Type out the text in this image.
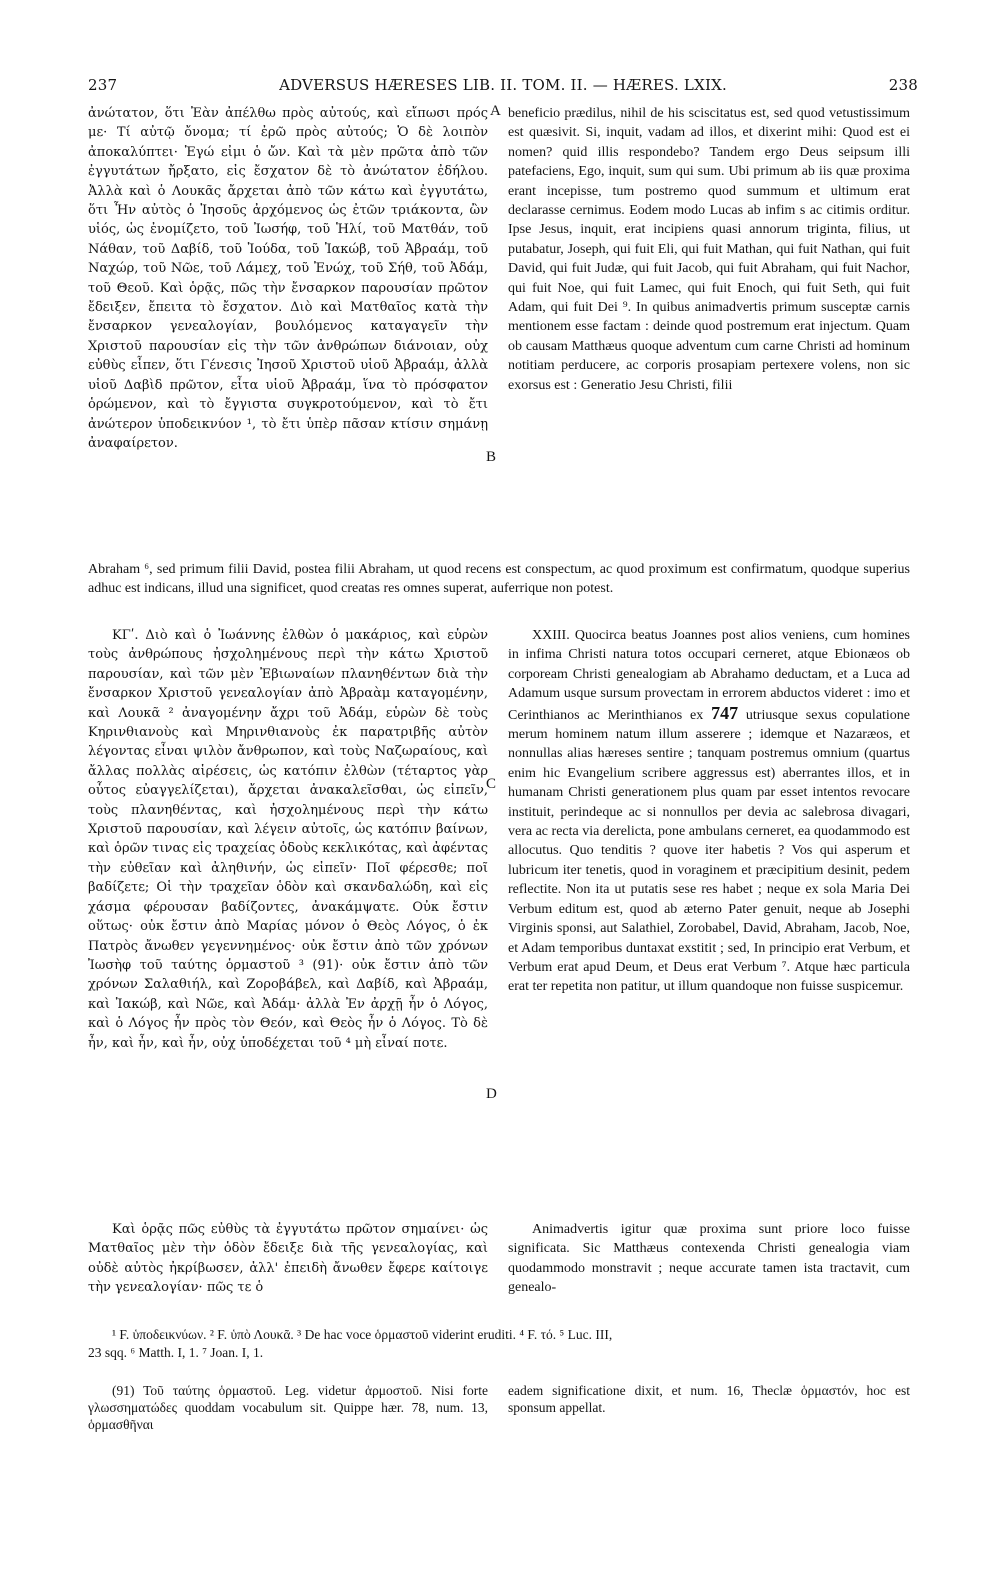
237	ADVERSUS HÆRESES LIB. II. TOM. II. — HÆRES. LXIX.	238

ἀνώτατον, ὅτι Ἐὰν ἀπέλθω πρὸς αὐτούς, καὶ εἴπωσι πρός με· Τί αὐτῷ ὄνομα; τί ἐρῶ πρὸς αὐτούς; Ὁ δὲ λοιπὸν ἀποκαλύπτει· Ἐγώ εἰμι ὁ ὤν. Καὶ τὰ μὲν πρῶτα ἀπὸ τῶν ἐγγυτάτων ἤρξατο, εἰς ἔσχατον δὲ τὸ ἀνώτατον ἐδήλου. Ἀλλὰ καὶ ὁ Λουκᾶς ἄρχεται ἀπὸ τῶν κάτω καὶ ἐγγυτάτω, ὅτι Ἦν αὐτὸς ὁ Ἰησοῦς ἀρχόμενος ὡς ἐτῶν τριάκοντα, ὢν υἱός, ὡς ἐνομίζετο, τοῦ Ἰωσήφ, τοῦ Ἡλί, τοῦ Ματθάν, τοῦ Νάθαν, τοῦ Δαβίδ, τοῦ Ἰούδα, τοῦ Ἰακώβ, τοῦ Ἀβραάμ, τοῦ Ναχώρ, τοῦ Νῶε, τοῦ Λάμεχ, τοῦ Ἐνώχ, τοῦ Σήθ, τοῦ Ἀδάμ, τοῦ Θεοῦ. Καὶ ὁρᾷς, πῶς τὴν ἔνσαρκον παρουσίαν πρῶτον ἔδειξεν, ἔπειτα τὸ ἔσχατον. Διὸ καὶ Ματθαῖος κατὰ τὴν ἔνσαρκον γενεαλογίαν, βουλόμενος καταγαγεῖν τὴν Χριστοῦ παρουσίαν εἰς τὴν τῶν ἀνθρώπων διάνοιαν, οὐχ εὐθὺς εἶπεν, ὅτι Γένεσις Ἰησοῦ Χριστοῦ υἱοῦ Ἀβραάμ, ἀλλὰ υἱοῦ Δαβὶδ πρῶτον, εἶτα υἱοῦ Ἀβραάμ, ἵνα τὸ πρόσφατον ὁρώμενον, καὶ τὸ ἔγγιστα συγκροτούμενον, καὶ τὸ ἔτι ἀνώτερον ὑποδεικνύον ¹, τὸ ἔτι ὑπὲρ πᾶσαν κτίσιν σημάνῃ ἀναφαίρετον.

A
B

beneficio prædilus, nihil de his sciscitatus est, sed quod vetustissimum est quæsivit. Si, inquit, vadam ad illos, et dixerint mihi: Quod est ei nomen? quid illis respondebo? Tandem ergo Deus seipsum illi patefaciens, Ego, inquit, sum qui sum. Ubi primum ab iis quæ proxima erant incepisse, tum postremo quod summum et ultimum erat declarasse cernimus. Eodem modo Lucas ab infim s ac citimis orditur. Ipse Jesus, inquit, erat incipiens quasi annorum triginta, filius, ut putabatur, Joseph, qui fuit Eli, qui fuit Mathan, qui fuit Nathan, qui fuit David, qui fuit Judæ, qui fuit Jacob, qui fuit Abraham, qui fuit Nachor, qui fuit Noe, qui fuit Lamec, qui fuit Enoch, qui fuit Seth, qui fuit Adam, qui fuit Dei ⁹. In quibus animadvertis primum susceptæ carnis mentionem esse factam : deinde quod postremum erat injectum. Quam ob causam Matthæus quoque adventum cum carne Christi ad hominum notitiam perducere, ac corporis prosapiam pertexere volens, non sic exorsus est : Generatio Jesu Christi, filii

Abraham ⁶, sed primum filii David, postea filii Abraham, ut quod recens est conspectum, ac quod proximum est confirmatum, quodque superius adhuc est indicans, illud una significet, quod creatas res omnes superat, auferrique non potest.

ΚΓʹ. Διὸ καὶ ὁ Ἰωάννης ἐλθὼν ὁ μακάριος, καὶ εὑρὼν τοὺς ἀνθρώπους ἠσχολημένους περὶ τὴν κάτω Χριστοῦ παρουσίαν, καὶ τῶν μὲν Ἐβιωναίων πλανηθέντων διὰ τὴν ἔνσαρκον Χριστοῦ γενεαλογίαν ἀπὸ Ἀβραὰμ καταγομένην, καὶ Λουκᾶ ² ἀναγομένην ἄχρι τοῦ Ἀδάμ, εὑρὼν δὲ τοὺς Κηρινθιανοὺς καὶ Μηρινθιανοὺς ἐκ παρατριβῆς αὐτὸν λέγοντας εἶναι ψιλὸν ἄνθρωπον, καὶ τοὺς Ναζωραίους, καὶ ἄλλας πολλὰς αἱρέσεις, ὡς κατόπιν ἐλθὼν (τέταρτος γὰρ οὗτος εὐαγγελίζεται), ἄρχεται ἀνακαλεῖσθαι, ὡς εἰπεῖν, τοὺς πλανηθέντας, καὶ ἠσχολημένους περὶ τὴν κάτω Χριστοῦ παρουσίαν, καὶ λέγειν αὐτοῖς, ὡς κατόπιν βαίνων, καὶ ὁρῶν τινας εἰς τραχείας ὁδοὺς κεκλικότας, καὶ ἀφέντας τὴν εὐθεῖαν καὶ ἀληθινήν, ὡς εἰπεῖν· Ποῖ φέρεσθε; ποῖ βαδίζετε; Οἱ τὴν τραχεῖαν ὁδὸν καὶ σκανδαλώδη, καὶ εἰς χάσμα φέρουσαν βαδίζοντες, ἀνακάμψατε. Οὐκ ἔστιν οὕτως· οὐκ ἔστιν ἀπὸ Μαρίας μόνον ὁ Θεὸς Λόγος, ὁ ἐκ Πατρὸς ἄνωθεν γεγεννημένος· οὐκ ἔστιν ἀπὸ τῶν χρόνων Ἰωσὴφ τοῦ ταύτης ὁρμαστοῦ ³ (91)· οὐκ ἔστιν ἀπὸ τῶν χρόνων Σαλαθιήλ, καὶ Ζοροβάβελ, καὶ Δαβίδ, καὶ Ἀβραάμ, καὶ Ἰακώβ, καὶ Νῶε, καὶ Ἀδάμ· ἀλλὰ Ἐν ἀρχῇ ἦν ὁ Λόγος, καὶ ὁ Λόγος ἦν πρὸς τὸν Θεόν, καὶ Θεὸς ἦν ὁ Λόγος. Τὸ δὲ ἦν, καὶ ἦν, καὶ ἦν, οὐχ ὑποδέχεται τοῦ ⁴ μὴ εἶναί ποτε.

C
D

XXIII. Quocirca beatus Joannes post alios veniens, cum homines in infima Christi natura totos occupari cerneret, atque Ebionæos ob corpoream Christi genealogiam ab Abrahamo deductam, et a Luca ad Adamum usque sursum provectam in errorem abductos videret : imo et Cerinthianos ac Merinthianos ex 747 utriusque sexus copulatione merum hominem natum illum asserere ; idemque et Nazaræos, et nonnullas alias hæreses sentire ; tanquam postremus omnium (quartus enim hic Evangelium scribere aggressus est) aberrantes illos, et in humanam Christi generationem plus quam par esset intentos revocare instituit, perindeque ac si nonnullos per devia ac salebrosa divagari, vera ac recta via derelicta, pone ambulans cerneret, ea quodammodo est allocutus. Quo tenditis ? quove iter habetis ? Vos qui asperum et lubricum iter tenetis, quod in voraginem et præcipitium desinit, pedem reflectite. Non ita ut putatis sese res habet ; neque ex sola Maria Dei Verbum editum est, quod ab æterno Pater genuit, neque ab Josephi Virginis sponsi, aut Salathiel, Zorobabel, David, Abraham, Jacob, Noe, et Adam temporibus duntaxat exstitit ; sed, In principio erat Verbum, et Verbum erat apud Deum, et Deus erat Verbum ⁷. Atque hæc particula erat ter repetita non patitur, ut illum quandoque non fuisse suspicemur.

Καὶ ὁρᾷς πῶς εὐθὺς τὰ ἐγγυτάτω πρῶτον σημαίνει· ὡς Ματθαῖος μὲν τὴν ὁδὸν ἔδειξε διὰ τῆς γενεαλογίας, καὶ οὐδὲ αὐτὸς ἠκρίβωσεν, ἀλλ' ἐπειδὴ ἄνωθεν ἔφερε καίτοιγε τὴν γενεαλογίαν· πῶς τε ὁ

Animadvertis igitur quæ proxima sunt priore loco fuisse significata. Sic Matthæus contexenda Christi genealogia viam quodammodo monstravit ; neque accurate tamen ista tractavit, cum genealo-

¹ F. ὑποδεικνύων. ² F. ὑπὸ Λουκᾶ. ³ De hac voce ὁρμαστοῦ viderint eruditi. ⁴ F. τό. ⁵ Luc. III,
23 sqq. ⁶ Matth. I, 1. ⁷ Joan. I, 1.

(91) Τοῦ ταύτης ὁρμαστοῦ. Leg. videtur ἁρμοστοῦ. Nisi forte γλωσσηματώδες quoddam vocabulum sit. Quippe hær. 78, num. 13, ὁρμασθῆναι

eadem significatione dixit, et num. 16, Theclæ ὁρμαστόν, hoc est sponsum appellat.
